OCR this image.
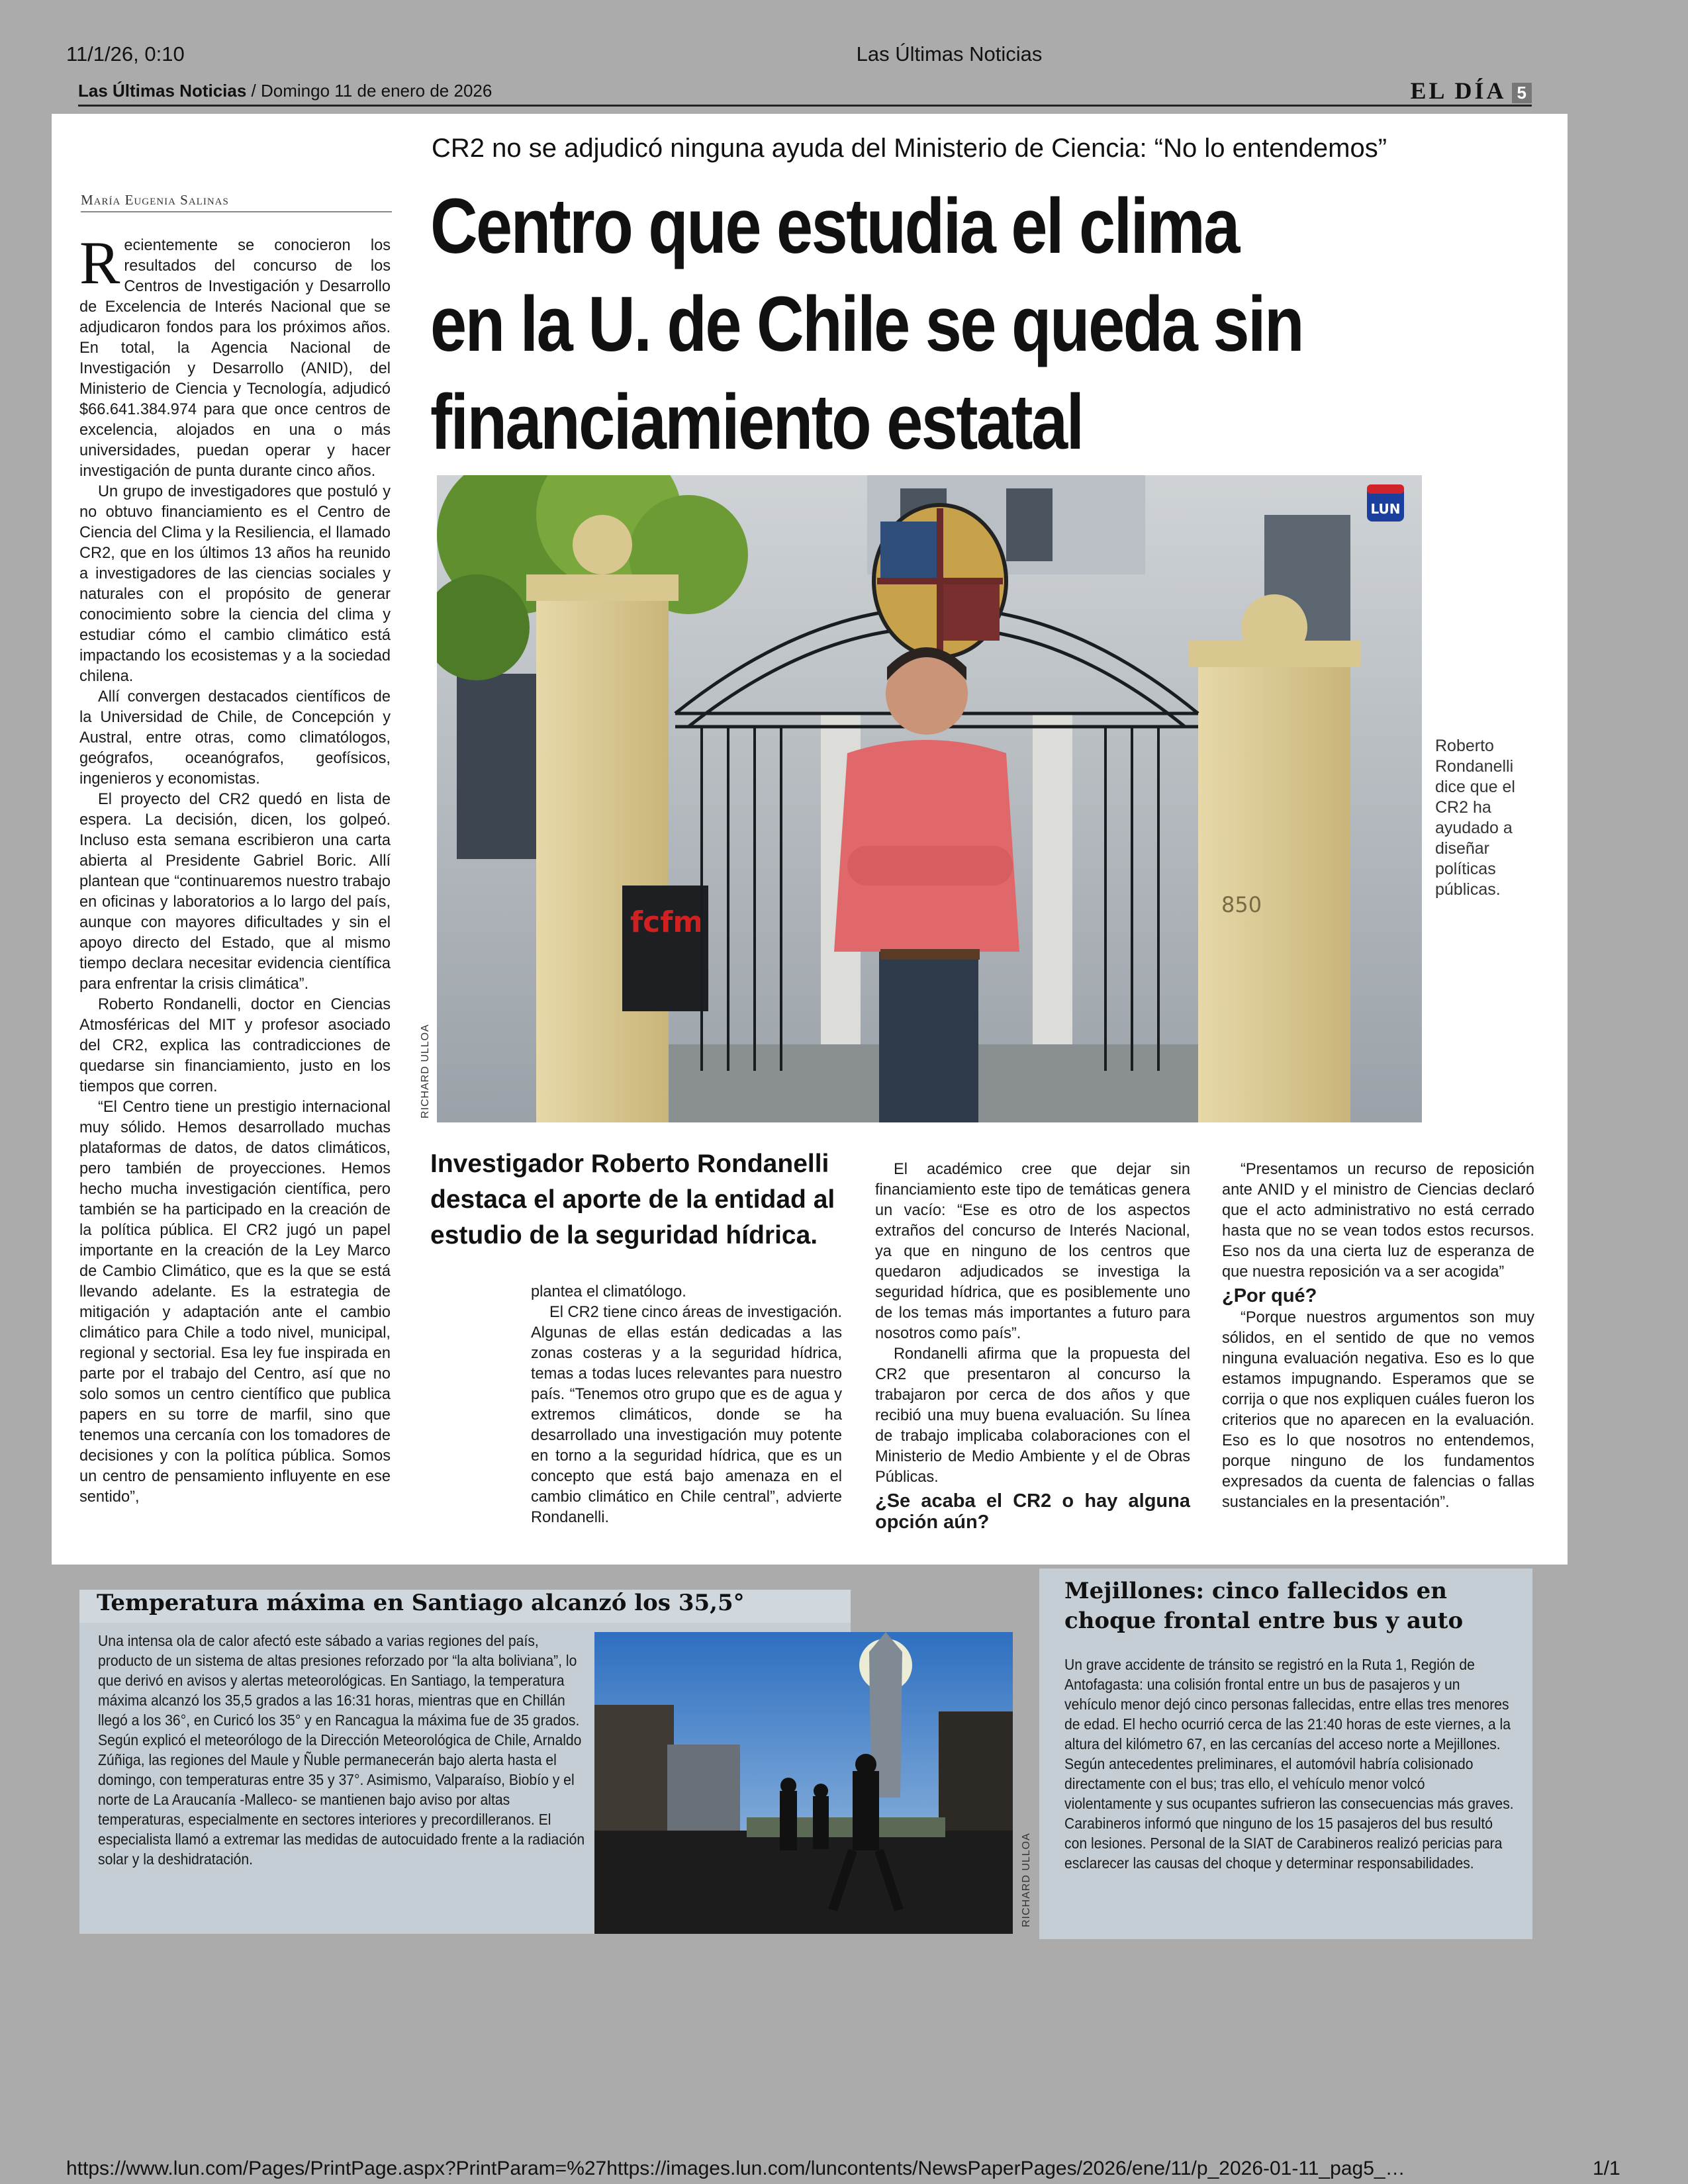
11/1/26, 0:10	Las Últimas Noticias
Las Últimas Noticias / Domingo 11 de enero de 2026	EL DÍA 5
María Eugenia Salinas

Recientemente se conocieron los resultados del concurso de los Centros de Investigación y Desarrollo de Excelencia de Interés Nacional que se adjudicaron fondos para los próximos años. En total, la Agencia Nacional de Investigación y Desarrollo (ANID), del Ministerio de Ciencia y Tecnología, adjudicó $66.641.384.974 para que once centros de excelencia, alojados en una o más universidades, puedan operar y hacer investigación de punta durante cinco años.

Un grupo de investigadores que postuló y no obtuvo financiamiento es el Centro de Ciencia del Clima y la Resiliencia, el llamado CR2, que en los últimos 13 años ha reunido a investigadores de las ciencias sociales y naturales con el propósito de generar conocimiento sobre la ciencia del clima y estudiar cómo el cambio climático está impactando los ecosistemas y a la sociedad chilena.

Allí convergen destacados científicos de la Universidad de Chile, de Concepción y Austral, entre otras, como climatólogos, geógrafos, oceanógrafos, geofísicos, ingenieros y economistas.

El proyecto del CR2 quedó en lista de espera. La decisión, dicen, los golpeó. Incluso esta semana escribieron una carta abierta al Presidente Gabriel Boric. Allí plantean que “continuaremos nuestro trabajo en oficinas y laboratorios a lo largo del país, aunque con mayores dificultades y sin el apoyo directo del Estado, que al mismo tiempo declara necesitar evidencia científica para enfrentar la crisis climática”.

Roberto Rondanelli, doctor en Ciencias Atmosféricas del MIT y profesor asociado del CR2, explica las contradicciones de quedarse sin financiamiento, justo en los tiempos que corren.

“El Centro tiene un prestigio internacional muy sólido. Hemos desarrollado muchas plataformas de datos, de datos climáticos, pero también de proyecciones. Hemos hecho mucha investigación científica, pero también se ha participado en la creación de la política pública. El CR2 jugó un papel importante en la creación de la Ley Marco de Cambio Climático, que es la que se está llevando adelante. Es la estrategia de mitigación y adaptación ante el cambio climático para Chile a todo nivel, municipal, regional y sectorial. Esa ley fue inspirada en parte por el trabajo del Centro, así que no solo somos un centro científico que publica papers en su torre de marfil, sino que tenemos una cercanía con los tomadores de decisiones y con la política pública. Somos un centro de pensamiento influyente en ese sentido”,

CR2 no se adjudicó ninguna ayuda del Ministerio de Ciencia: “No lo entendemos”
Centro que estudia el clima
en la U. de Chile se queda sin
financiamiento estatal
850
fcfm
LUN
RICHARD ULLOA
Roberto Rondanelli dice que el CR2 ha ayudado a diseñar políticas públicas.
Investigador Roberto Rondanelli destaca el aporte de la entidad al estudio de la seguridad hídrica.

plantea el climatólogo.

El CR2 tiene cinco áreas de investigación. Algunas de ellas están dedicadas a las zonas costeras y a la seguridad hídrica, temas a todas luces relevantes para nuestro país. “Tenemos otro grupo que es de agua y extremos climáticos, donde se ha desarrollado una investigación muy potente en torno a la seguridad hídrica, que es un concepto que está bajo amenaza en el cambio climático en Chile central”, advierte Rondanelli.

El académico cree que dejar sin financiamiento este tipo de temáticas genera un vacío: “Ese es otro de los aspectos extraños del concurso de Interés Nacional, ya que en ninguno de los centros que quedaron adjudicados se investiga la seguridad hídrica, que es posiblemente uno de los temas más importantes a futuro para nosotros como país”.

Rondanelli afirma que la propuesta del CR2 que presentaron al concurso la trabajaron por cerca de dos años y que recibió una muy buena evaluación. Su línea de trabajo implicaba colaboraciones con el Ministerio de Medio Ambiente y el de Obras Públicas.

¿Se acaba el CR2 o hay alguna opción aún?

“Presentamos un recurso de reposición ante ANID y el ministro de Ciencias declaró que el acto administrativo no está cerrado hasta que no se vean todos estos recursos. Eso nos da una cierta luz de esperanza de que nuestra reposición va a ser acogida”

¿Por qué?

“Porque nuestros argumentos son muy sólidos, en el sentido de que no vemos ninguna evaluación negativa. Eso es lo que estamos impugnando. Esperamos que se corrija o que nos expliquen cuáles fueron los criterios que no aparecen en la evaluación. Eso es lo que nosotros no entendemos, porque ninguno de los fundamentos expresados da cuenta de falencias o fallas sustanciales en la presentación”.

Temperatura máxima en Santiago alcanzó los 35,5°
Una intensa ola de calor afectó este sábado a varias regiones del país, producto de un sistema de altas presiones reforzado por “la alta boliviana”, lo que derivó en avisos y alertas meteorológicas. En Santiago, la temperatura máxima alcanzó los 35,5 grados a las 16:31 horas, mientras que en Chillán llegó a los 36°, en Curicó los 35° y en Rancagua la máxima fue de 35 grados. Según explicó el meteorólogo de la Dirección Meteorológica de Chile, Arnaldo Zúñiga, las regiones del Maule y Ñuble permanecerán bajo alerta hasta el domingo, con temperaturas entre 35 y 37°. Asimismo, Valparaíso, Biobío y el norte de La Araucanía -Malleco- se mantienen bajo aviso por altas temperaturas, especialmente en sectores interiores y precordilleranos. El especialista llamó a extremar las medidas de autocuidado frente a la radiación solar y la deshidratación.	RICHARD ULLOA
Mejillones: cinco fallecidos en choque frontal entre bus y auto
Un grave accidente de tránsito se registró en la Ruta 1, Región de Antofagasta: una colisión frontal entre un bus de pasajeros y un vehículo menor dejó cinco personas fallecidas, entre ellas tres menores de edad. El hecho ocurrió cerca de las 21:40 horas de este viernes, a la altura del kilómetro 67, en las cercanías del acceso norte a Mejillones. Según antecedentes preliminares, el automóvil habría colisionado directamente con el bus; tras ello, el vehículo menor volcó violentamente y sus ocupantes sufrieron las consecuencias más graves. Carabineros informó que ninguno de los 15 pasajeros del bus resultó con lesiones. Personal de la SIAT de Carabineros realizó pericias para esclarecer las causas del choque y determinar responsabilidades.
https://www.lun.com/Pages/PrintPage.aspx?PrintParam=%27https://images.lun.com/luncontents/NewsPaperPages/2026/ene/11/p_2026-01-11_pag5_…	1/1
